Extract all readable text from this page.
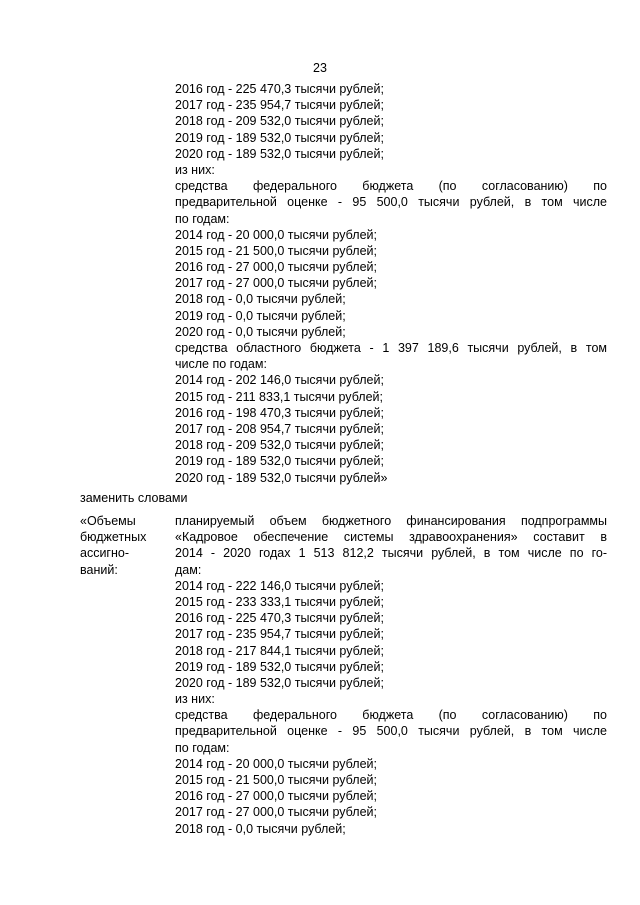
23
2016 год - 225 470,3 тысячи рублей;
2017 год - 235 954,7 тысячи рублей;
2018 год - 209 532,0 тысячи рублей;
2019 год - 189 532,0 тысячи рублей;
2020 год - 189 532,0 тысячи рублей;
из них:
средства федерального бюджета (по согласованию) по
предварительной оценке - 95 500,0 тысячи рублей, в том числе
по годам:
2014 год - 20 000,0 тысячи рублей;
2015 год - 21 500,0 тысячи рублей;
2016 год - 27 000,0 тысячи рублей;
2017 год - 27 000,0 тысячи рублей;
2018 год - 0,0 тысячи рублей;
2019 год - 0,0 тысячи рублей;
2020 год - 0,0 тысячи рублей;
средства областного бюджета - 1 397 189,6 тысячи рублей, в том
числе по годам:
2014 год - 202 146,0 тысячи рублей;
2015 год - 211 833,1 тысячи рублей;
2016 год - 198 470,3 тысячи рублей;
2017 год - 208 954,7 тысячи рублей;
2018 год - 209 532,0 тысячи рублей;
2019 год - 189 532,0 тысячи рублей;
2020 год - 189 532,0 тысячи рублей»
заменить словами
«Объемы
бюджетных
ассигно-
ваний:
планируемый объем бюджетного финансирования подпрограммы
«Кадровое обеспечение системы здравоохранения» составит в
2014 - 2020 годах 1 513 812,2 тысячи рублей, в том числе по го-
дам:
2014 год - 222 146,0 тысячи рублей;
2015 год - 233 333,1 тысячи рублей;
2016 год - 225 470,3 тысячи рублей;
2017 год - 235 954,7 тысячи рублей;
2018 год - 217 844,1 тысячи рублей;
2019 год - 189 532,0 тысячи рублей;
2020 год - 189 532,0 тысячи рублей;
из них:
средства федерального бюджета (по согласованию) по
предварительной оценке - 95 500,0 тысячи рублей, в том числе
по годам:
2014 год - 20 000,0 тысячи рублей;
2015 год - 21 500,0 тысячи рублей;
2016 год - 27 000,0 тысячи рублей;
2017 год - 27 000,0 тысячи рублей;
2018 год - 0,0 тысячи рублей;
